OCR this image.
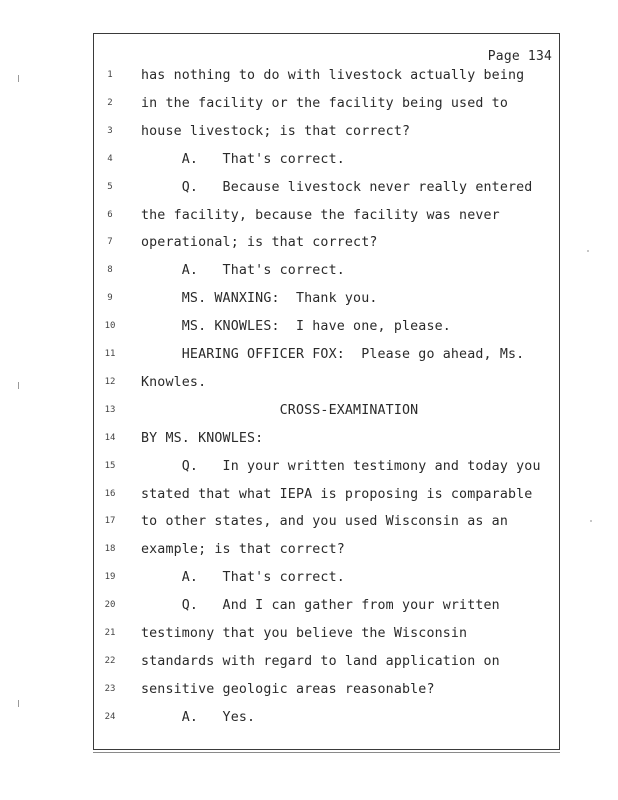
Page 134
1	has nothing to do with livestock actually being
2	in the facility or the facility being used to
3	house livestock; is that correct?
4	A.   That's correct.
5	Q.   Because livestock never really entered
6	the facility, because the facility was never
7	operational; is that correct?
8	A.   That's correct.
9	MS. WANXING:  Thank you.
10	MS. KNOWLES:  I have one, please.
11	HEARING OFFICER FOX:  Please go ahead, Ms.
12	Knowles.
13	CROSS-EXAMINATION
14	BY MS. KNOWLES:
15	Q.   In your written testimony and today you
16	stated that what IEPA is proposing is comparable
17	to other states, and you used Wisconsin as an
18	example; is that correct?
19	A.   That's correct.
20	Q.   And I can gather from your written
21	testimony that you believe the Wisconsin
22	standards with regard to land application on
23	sensitive geologic areas reasonable?
24	A.   Yes.
